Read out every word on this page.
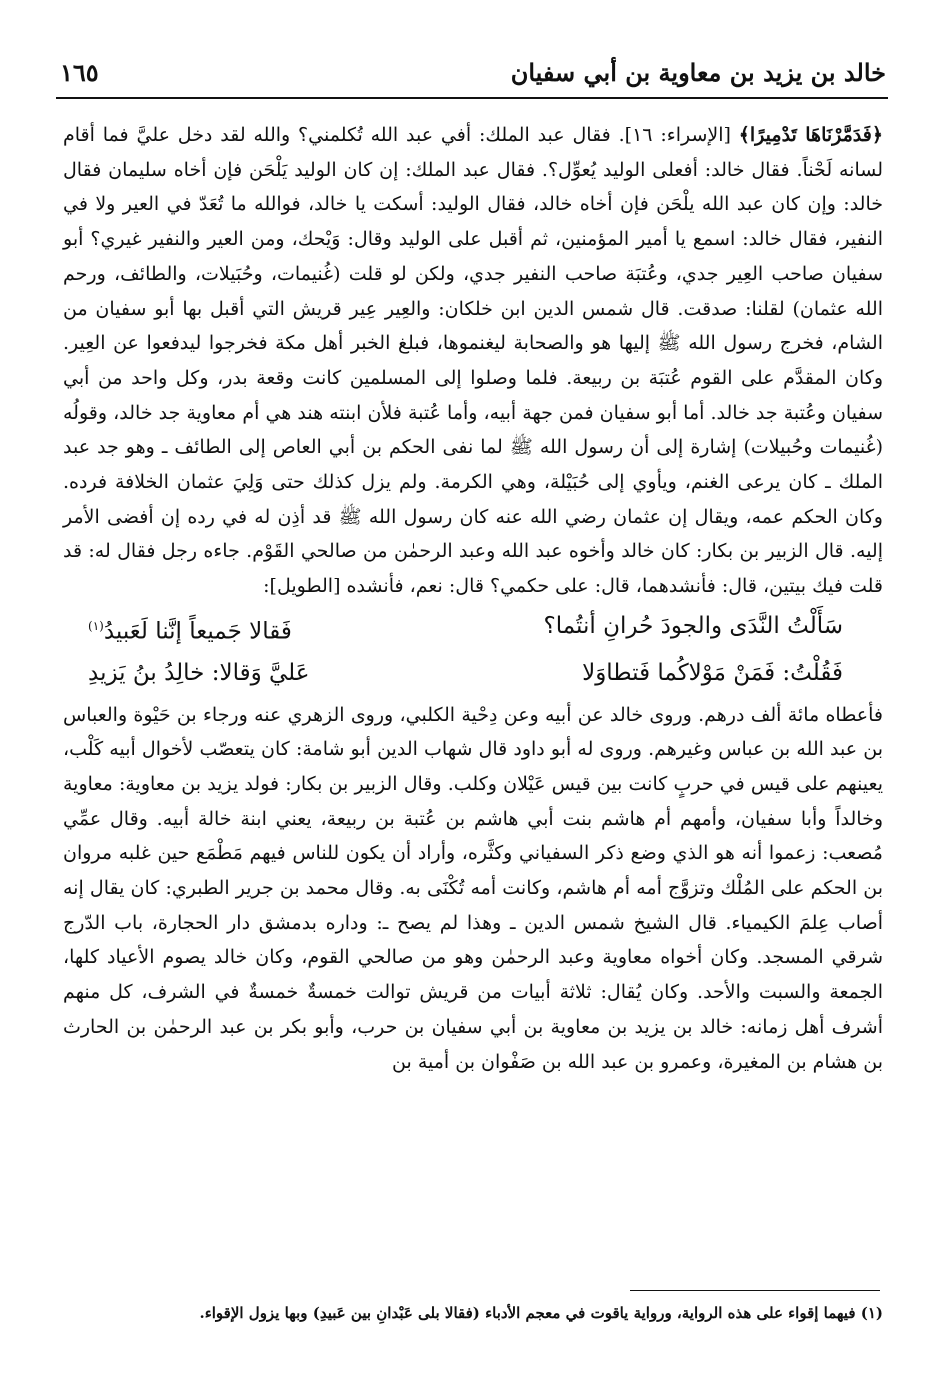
خالد بن يزيد بن معاوية بن أبي سفيان
١٦٥

﴿فَدَمَّرْنَاهَا تَدْمِيرًا﴾ [الإسراء: ١٦]. فقال عبد الملك: أفي عبد الله تُكلمني؟ والله لقد دخل عليَّ فما أقام لسانه لَحْناً. فقال خالد: أفعلى الوليد يُعوِّل؟. فقال عبد الملك: إن كان الوليد يَلْحَن فإن أخاه سليمان فقال خالد: وإن كان عبد الله يلْحَن فإن أخاه خالد، فقال الوليد: أسكت يا خالد، فوالله ما تُعَدّ في العير ولا في النفير، فقال خالد: اسمع يا أمير المؤمنين، ثم أقبل على الوليد وقال: وَيْحك، ومن العير والنفير غيري؟ أبو سفيان صاحب العِير جدي، وعُتبَة صاحب النفير جدي، ولكن لو قلت (غُنيمات، وحُبَيلات، والطائف، ورحم الله عثمان) لقلنا: صدقت. قال شمس الدين ابن خلكان: والعِير عِير قريش التي أقبل بها أبو سفيان من الشام، فخرج رسول الله ﷺ إليها هو والصحابة ليغنموها، فبلغ الخبر أهل مكة فخرجوا ليدفعوا عن العِير. وكان المقدَّم على القوم عُتبَة بن ربيعة. فلما وصلوا إلى المسلمين كانت وقعة بدر، وكل واحد من أبي سفيان وعُتبة جد خالد. أما أبو سفيان فمن جهة أبيه، وأما عُتبة فلأن ابنته هند هي أم معاوية جد خالد، وقولُه (غُنيمات وحُبيلات) إشارة إلى أن رسول الله ﷺ لما نفى الحكم بن أبي العاص إلى الطائف ـ وهو جد عبد الملك ـ كان يرعى الغنم، ويأوي إلى حُبَيْلة، وهي الكرمة. ولم يزل كذلك حتى وَلِيَ عثمان الخلافة فرده. وكان الحكم عمه، ويقال إن عثمان رضي الله عنه كان رسول الله ﷺ قد أذِن له في رده إن أفضى الأمر إليه. قال الزبير بن بكار: كان خالد وأخوه عبد الله وعبد الرحمٰن من صالحي القَوْم. جاءه رجل فقال له: قد قلت فيك بيتين، قال: فأنشدهما، قال: على حكمي؟ قال: نعم، فأنشده [الطويل]:

سَأَلْتُ النَّدَى والجودَ حُرانِ أنتُما؟
فَقالا جَميعاً إنَّنا لَعَبيدُ$^{(١)}$
فَقُلْتُ: فَمَنْ مَوْلاكُما فَتطاوَلا
عَليَّ وَقالا: خالِدُ بنُ يَزيدِ

فأعطاه مائة ألف درهم. وروى خالد عن أبيه وعن دِحْية الكلبي، وروى الزهري عنه ورجاء بن حَيْوة والعباس بن عبد الله بن عباس وغيرهم. وروى له أبو داود قال شهاب الدين أبو شامة: كان يتعصّب لأخوال أبيه كَلْب، يعينهم على قيس في حربٍ كانت بين قيس عَيْلان وكلب. وقال الزبير بن بكار: فولد يزيد بن معاوية: معاوية وخالداً وأبا سفيان، وأمهم أم هاشم بنت أبي هاشم بن عُتبة بن ربيعة، يعني ابنة خالة أبيه. وقال عمِّي مُصعب: زعموا أنه هو الذي وضع ذكر السفياني وكثَّره، وأراد أن يكون للناس فيهم مَطْمَع حين غلبه مروان بن الحكم على المُلْك وتزوَّج أمه أم هاشم، وكانت أمه تُكْنَى به. وقال محمد بن جرير الطبري: كان يقال إنه أصاب عِلمَ الكيمياء. قال الشيخ شمس الدين ـ وهذا لم يصح ـ: وداره بدمشق دار الحجارة، باب الدّرج شرقي المسجد. وكان أخواه معاوية وعبد الرحمٰن وهو من صالحي القوم، وكان خالد يصوم الأعياد كلها، الجمعة والسبت والأحد. وكان يُقال: ثلاثة أبيات من قريش توالت خمسةٌ خمسةٌ في الشرف، كل منهم أشرف أهل زمانه: خالد بن يزيد بن معاوية بن أبي سفيان بن حرب، وأبو بكر بن عبد الرحمٰن بن الحارث بن هشام بن المغيرة، وعمرو بن عبد الله بن صَفْوان بن أمية بن

(١) فيهما إقواء على هذه الرواية، ورواية ياقوت في معجم الأدباء (فقالا بلى عَبْدانِ بين عَبيدِ) وبها يزول الإقواء.
